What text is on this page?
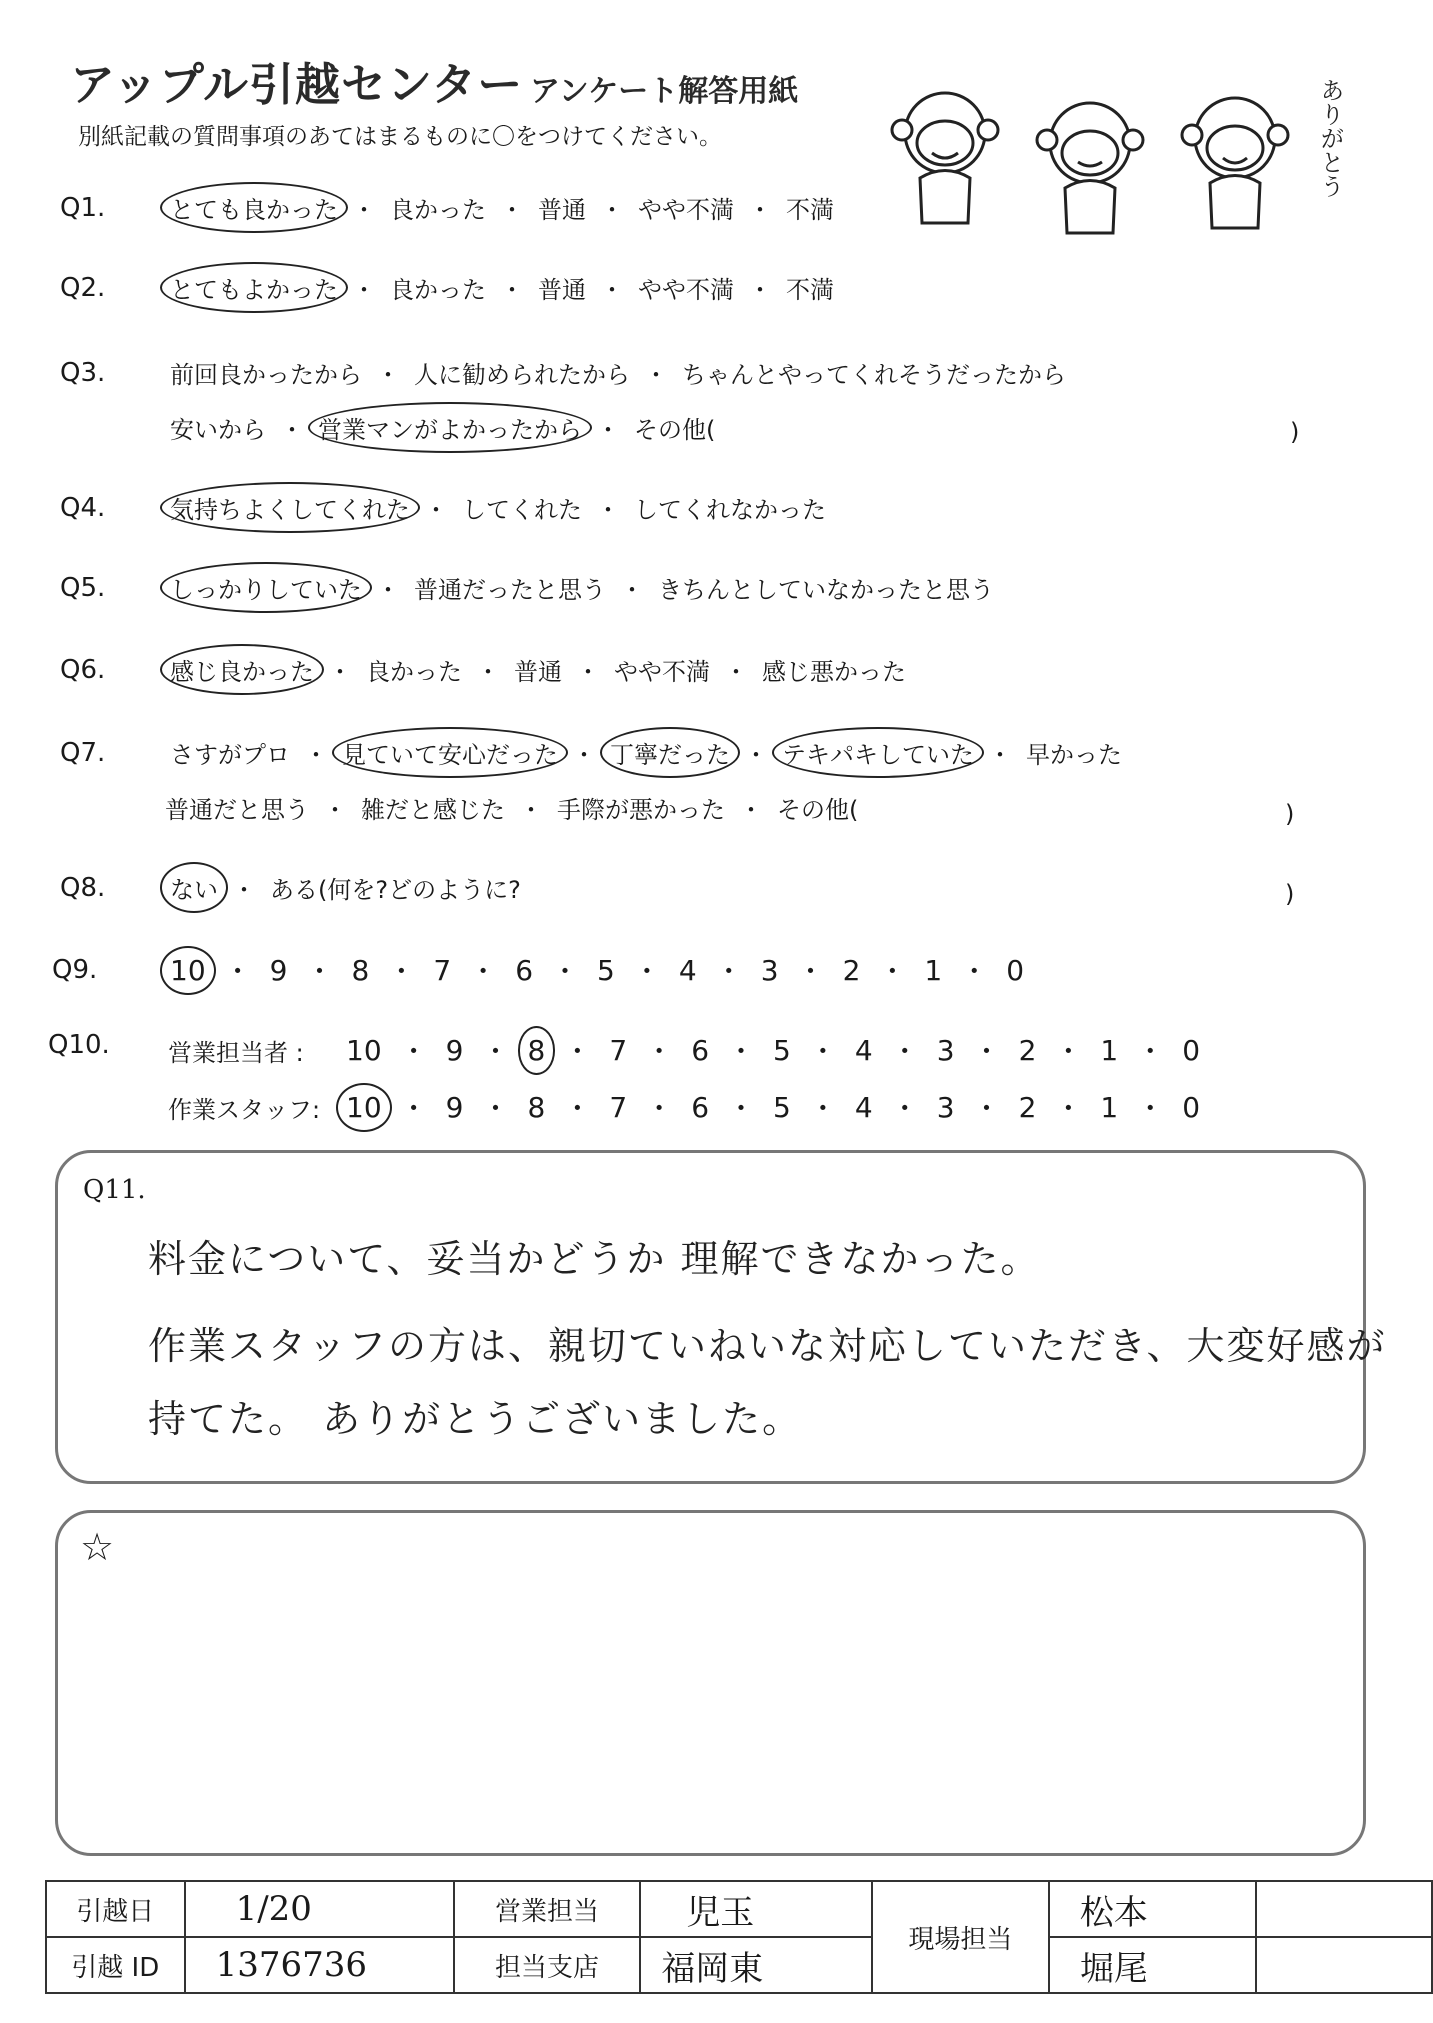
アップル引越センター アンケート解答用紙
別紙記載の質問事項のあてはまるものに〇をつけてください。	ありがとう
Q1.	とても良かった ・ 良かった ・ 普通 ・ やや不満 ・ 不満
Q2.	とてもよかった ・ 良かった ・ 普通 ・ やや不満 ・ 不満
Q3.	前回良かったから ・ 人に勧められたから ・ ちゃんとやってくれそうだったから
安いから ・ 営業マンがよかったから ・ その他(	)
Q4.	気持ちよくしてくれた ・ してくれた ・ してくれなかった
Q5.	しっかりしていた ・ 普通だったと思う ・ きちんとしていなかったと思う
Q6.	感じ良かった ・ 良かった ・ 普通 ・ やや不満 ・ 感じ悪かった
Q7.	さすがプロ ・ 見ていて安心だった ・ 丁寧だった ・ テキパキしていた ・ 早かった
普通だと思う ・ 雑だと感じた ・ 手際が悪かった ・ その他(	)
Q8.	ない ・ ある(何を?どのように?	)
Q9.	10 ・ 9 ・ 8 ・ 7 ・ 6 ・ 5 ・ 4 ・ 3 ・ 2 ・ 1 ・ 0
Q10. 営業担当者 :	10 ・ 9 ・ 8 ・ 7 ・ 6 ・ 5 ・ 4 ・ 3 ・ 2 ・ 1 ・ 0
作業スタッフ: 10 ・ 9 ・ 8 ・ 7 ・ 6 ・ 5 ・ 4 ・ 3 ・ 2 ・ 1 ・ 0
Q11.
料金について、妥当かどうか 理解できなかった。
作業スタッフの方は、親切ていねいな対応していただき、大変好感が
持てた。 ありがとうございました。
☆
引越日	1/20	営業担当	児玉	現場担当	松本	
引越 ID	1376736	担当支店	福岡東		堀尾	
